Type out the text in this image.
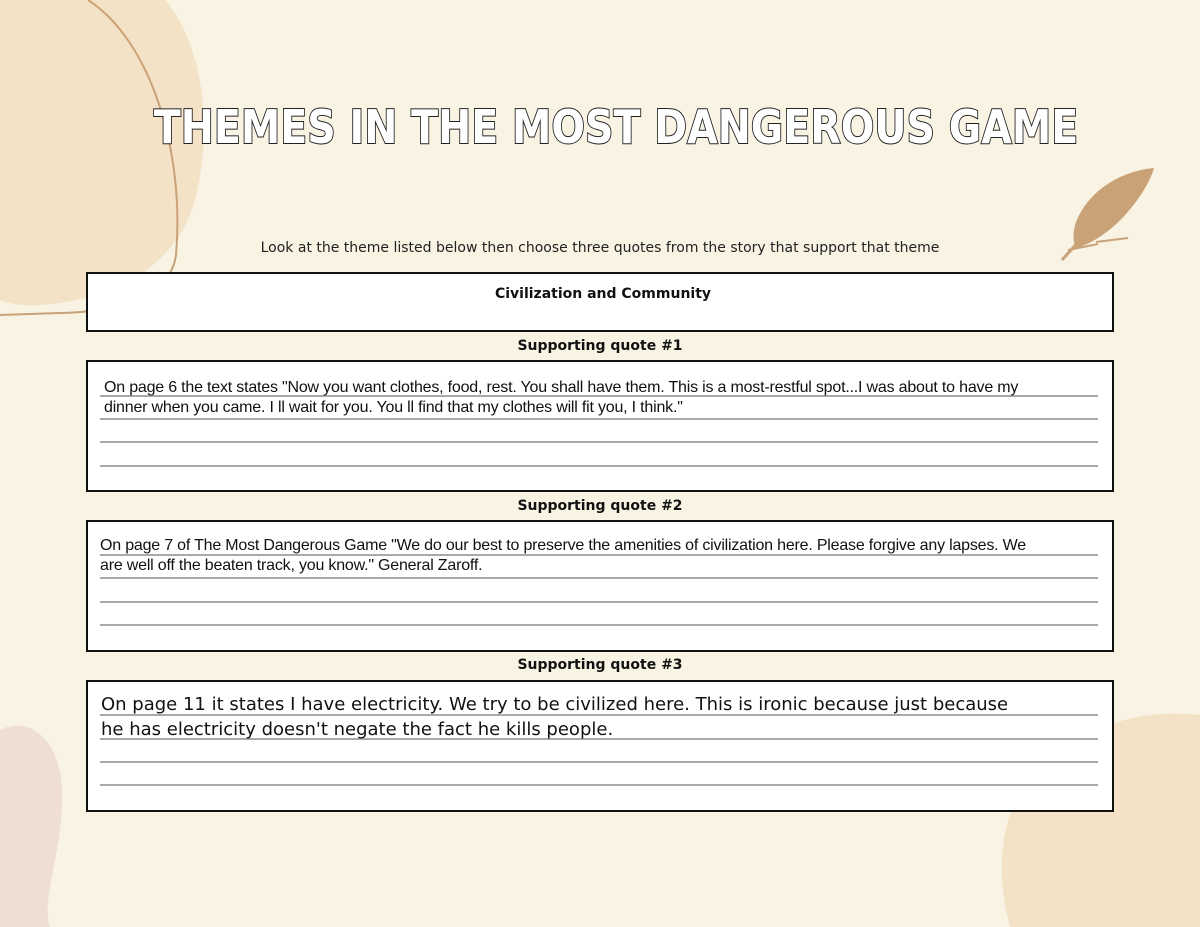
THEMES IN THE MOST DANGEROUS GAME
Look at the theme listed below then choose three quotes from the story that support that theme
Civilization and Community
Supporting quote #1
On page 6 the text states "Now you want clothes, food, rest. You shall have them. This is a most-restful spot...I was about to have my dinner when you came. I ll wait for you. You ll find that my clothes will fit you, I think."
Supporting quote #2
On page 7 of The Most Dangerous Game "We do our best to preserve the amenities of civilization here. Please forgive any lapses. We are well off the beaten track, you know." General Zaroff.
Supporting quote #3
On page 11 it states I have electricity. We try to be civilized here. This is ironic because just because he has electricity doesn't negate the fact he kills people.
